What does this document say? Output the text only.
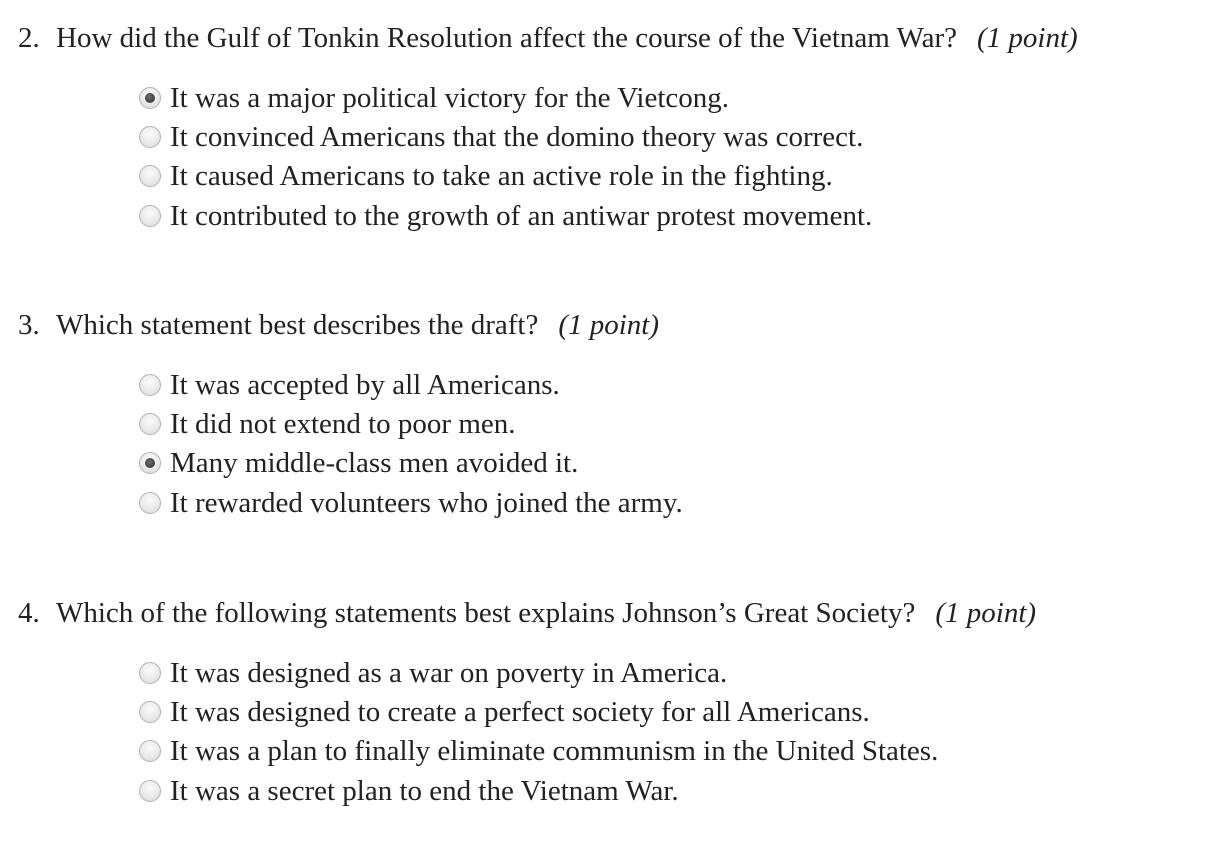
2. How did the Gulf of Tonkin Resolution affect the course of the Vietnam War? (1 point)
It was a major political victory for the Vietcong.
It convinced Americans that the domino theory was correct.
It caused Americans to take an active role in the fighting.
It contributed to the growth of an antiwar protest movement.
3. Which statement best describes the draft? (1 point)
It was accepted by all Americans.
It did not extend to poor men.
Many middle-class men avoided it.
It rewarded volunteers who joined the army.
4. Which of the following statements best explains Johnson’s Great Society? (1 point)
It was designed as a war on poverty in America.
It was designed to create a perfect society for all Americans.
It was a plan to finally eliminate communism in the United States.
It was a secret plan to end the Vietnam War.
